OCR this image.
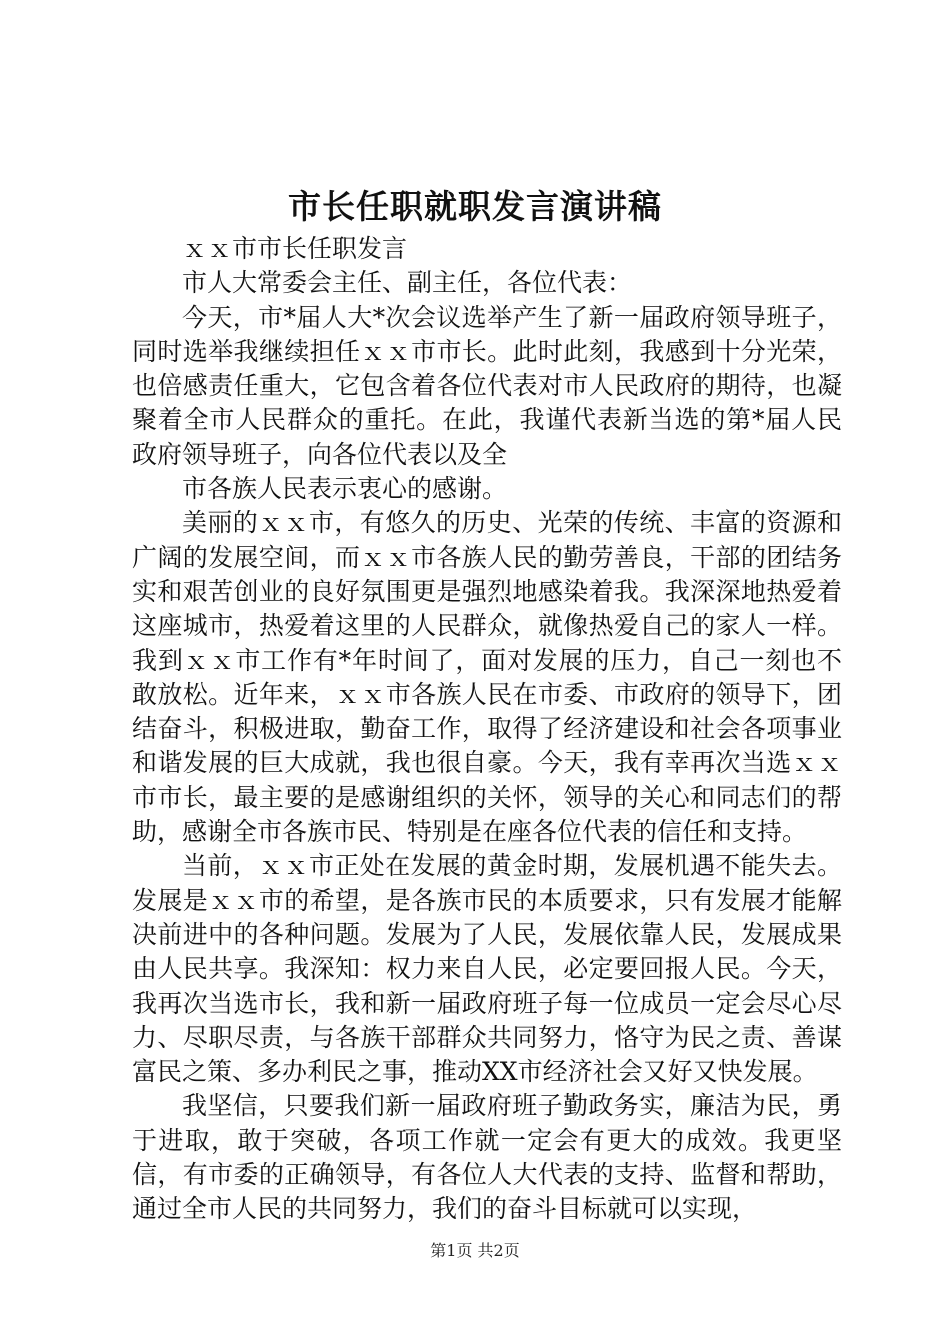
市长任职就职发言演讲稿

ｘｘ市市长任职发言

市人大常委会主任、副主任，各位代表：

今天，市*届人大*次会议选举产生了新一届政府领导班子，同时选举我继续担任ｘｘ市市长。此时此刻，我感到十分光荣，也倍感责任重大，它包含着各位代表对市人民政府的期待，也凝聚着全市人民群众的重托。在此，我谨代表新当选的第*届人民政府领导班子，向各位代表以及全

市各族人民表示衷心的感谢。

美丽的ｘｘ市，有悠久的历史、光荣的传统、丰富的资源和广阔的发展空间，而ｘｘ市各族人民的勤劳善良，干部的团结务实和艰苦创业的良好氛围更是强烈地感染着我。我深深地热爱着这座城市，热爱着这里的人民群众，就像热爱自己的家人一样。我到ｘｘ市工作有*年时间了，面对发展的压力，自己一刻也不敢放松。近年来，ｘｘ市各族人民在市委、市政府的领导下，团结奋斗，积极进取，勤奋工作，取得了经济建设和社会各项事业和谐发展的巨大成就，我也很自豪。今天，我有幸再次当选ｘｘ市市长，最主要的是感谢组织的关怀，领导的关心和同志们的帮助，感谢全市各族市民、特别是在座各位代表的信任和支持。

当前，ｘｘ市正处在发展的黄金时期，发展机遇不能失去。发展是ｘｘ市的希望，是各族市民的本质要求，只有发展才能解决前进中的各种问题。发展为了人民，发展依靠人民，发展成果由人民共享。我深知：权力来自人民，必定要回报人民。今天，我再次当选市长，我和新一届政府班子每一位成员一定会尽心尽力、尽职尽责，与各族干部群众共同努力，恪守为民之责、善谋富民之策、多办利民之事，推动XX市经济社会又好又快发展。

我坚信，只要我们新一届政府班子勤政务实，廉洁为民，勇于进取，敢于突破，各项工作就一定会有更大的成效。我更坚信，有市委的正确领导，有各位人大代表的支持、监督和帮助，通过全市人民的共同努力，我们的奋斗目标就可以实现，

第1页 共2页
